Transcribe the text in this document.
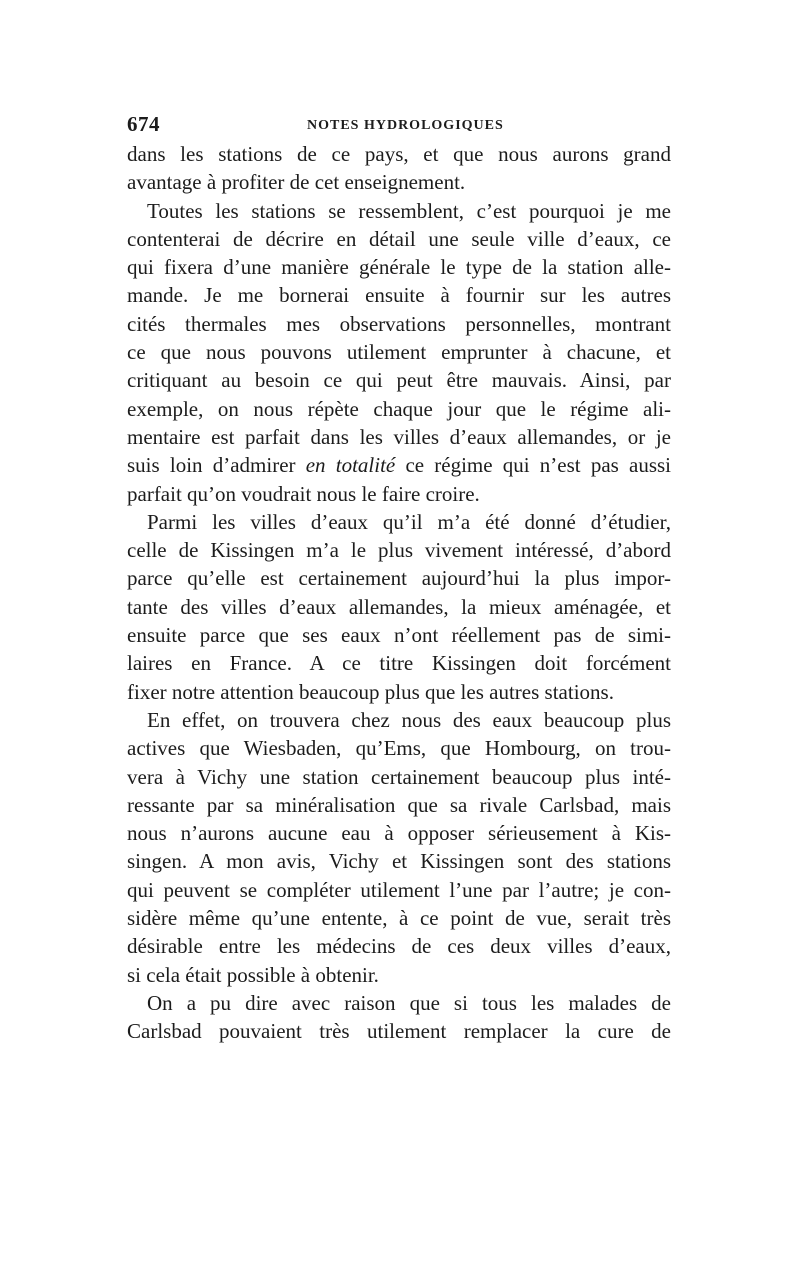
674	NOTES HYDROLOGIQUES

dans les stations de ce pays, et que nous aurons grand
avantage à profiter de cet enseignement.

Toutes les stations se ressemblent, c’est pourquoi je me
contenterai de décrire en détail une seule ville d’eaux, ce
qui fixera d’une manière générale le type de la station alle-
mande. Je me bornerai ensuite à fournir sur les autres
cités thermales mes observations personnelles, montrant
ce que nous pouvons utilement emprunter à chacune, et
critiquant au besoin ce qui peut être mauvais. Ainsi, par
exemple, on nous répète chaque jour que le régime ali-
mentaire est parfait dans les villes d’eaux allemandes, or je
suis loin d’admirer en totalité ce régime qui n’est pas aussi
parfait qu’on voudrait nous le faire croire.

Parmi les villes d’eaux qu’il m’a été donné d’étudier,
celle de Kissingen m’a le plus vivement intéressé, d’abord
parce qu’elle est certainement aujourd’hui la plus impor-
tante des villes d’eaux allemandes, la mieux aménagée, et
ensuite parce que ses eaux n’ont réellement pas de simi-
laires en France. A ce titre Kissingen doit forcément
fixer notre attention beaucoup plus que les autres stations.

En effet, on trouvera chez nous des eaux beaucoup plus
actives que Wiesbaden, qu’Ems, que Hombourg, on trou-
vera à Vichy une station certainement beaucoup plus inté-
ressante par sa minéralisation que sa rivale Carlsbad, mais
nous n’aurons aucune eau à opposer sérieusement à Kis-
singen. A mon avis, Vichy et Kissingen sont des stations
qui peuvent se compléter utilement l’une par l’autre; je con-
sidère même qu’une entente, à ce point de vue, serait très
désirable entre les médecins de ces deux villes d’eaux,
si cela était possible à obtenir.

On a pu dire avec raison que si tous les malades de
Carlsbad pouvaient très utilement remplacer la cure de
